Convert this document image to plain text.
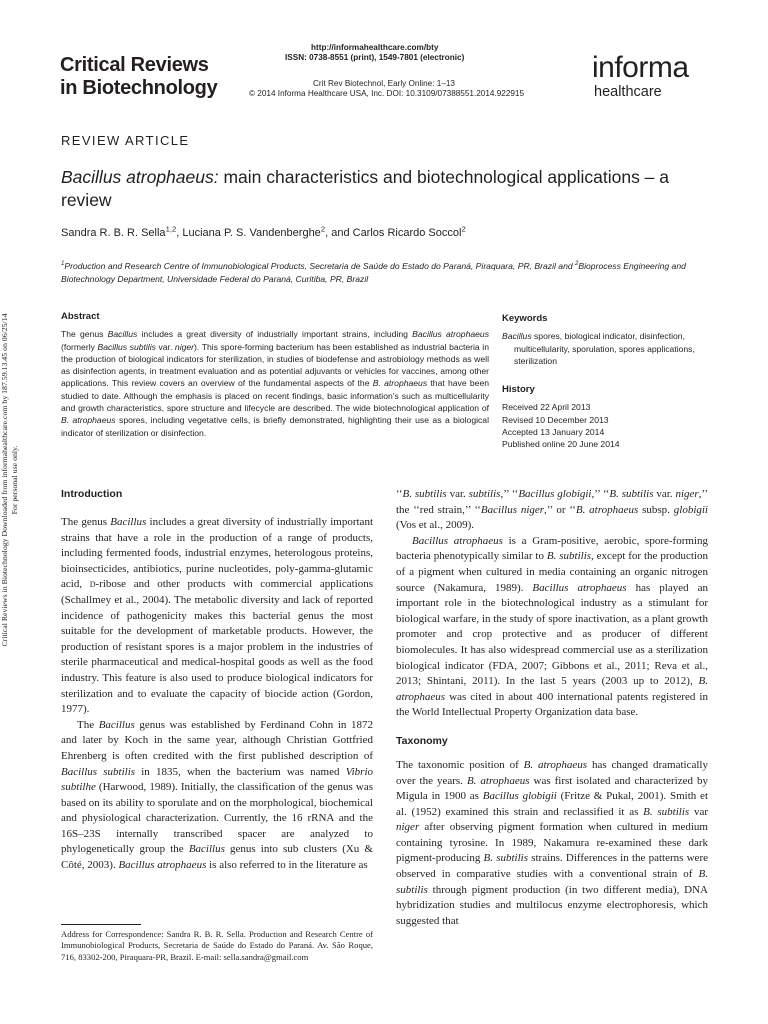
Critical Reviews
in Biotechnology
http://informahealthcare.com/bty
ISSN: 0738-8551 (print), 1549-7801 (electronic)
Crit Rev Biotechnol, Early Online: 1–13
© 2014 Informa Healthcare USA, Inc. DOI: 10.3109/07388551.2014.922915
informa
healthcare
REVIEW ARTICLE
Bacillus atrophaeus: main characteristics and biotechnological applications – a review
Sandra R. B. R. Sella$^{1,2}$, Luciana P. S. Vandenberghe$^2$, and Carlos Ricardo Soccol$^2$
$^1$Production and Research Centre of Immunobiological Products, Secretaria de Saúde do Estado do Paraná, Piraquara, PR, Brazil and $^2$Bioprocess Engineering and Biotechnology Department, Universidade Federal do Paraná, Curitiba, PR, Brazil
Abstract
The genus Bacillus includes a great diversity of industrially important strains, including Bacillus atrophaeus (formerly Bacillus subtilis var. niger). This spore-forming bacterium has been established as industrial bacteria in the production of biological indicators for sterilization, in studies of biodefense and astrobiology methods as well as disinfection agents, in treatment evaluation and as potential adjuvants or vehicles for vaccines, among other applications. This review covers an overview of the fundamental aspects of the B. atrophaeus that have been studied to date. Although the emphasis is placed on recent findings, basic information’s such as multicellularity and growth characteristics, spore structure and lifecycle are described. The wide biotechnological application of B. atrophaeus spores, including vegetative cells, is briefly demonstrated, highlighting their use as a biological indicator of sterilization or disinfection.
Keywords
Bacillus spores, biological indicator, disinfection, multicellularity, sporulation, spores applications, sterilization
History
Received 22 April 2013
Revised 10 December 2013
Accepted 13 January 2014
Published online 20 June 2014
Critical Reviews in Biotechnology Downloaded from informahealthcare.com by 187.59.13.45 on 06/25/14
For personal use only.	Introduction

The genus Bacillus includes a great diversity of industrially important strains that have a role in the production of a range of products, including fermented foods, industrial enzymes, heterologous proteins, bioinsecticides, antibiotics, purine nucleotides, poly-gamma-glutamic acid, d-ribose and other products with commercial applications (Schallmey et al., 2004). The metabolic diversity and lack of reported incidence of pathogenicity makes this bacterial genus the most suitable for the development of marketable products. However, the production of resistant spores is a major problem in the industries of sterile pharmaceutical and medical-hospital goods as well as the food industry. This feature is also used to produce biological indicators for sterilization and to evaluate the capacity of biocide action (Gordon, 1977).

The Bacillus genus was established by Ferdinand Cohn in 1872 and later by Koch in the same year, although Christian Gottfried Ehrenberg is often credited with the first published description of Bacillus subtilis in 1835, when the bacterium was named Vibrio subtilhe (Harwood, 1989). Initially, the classification of the genus was based on its ability to sporulate and on the morphological, biochemical and physiological characterization. Currently, the 16 rRNA and the 16S–23S internally transcribed spacer are analyzed to phylogenetically group the Bacillus genus into sub clusters (Xu & Côté, 2003). Bacillus atrophaeus is also referred to in the literature as

‘‘B. subtilis var. subtilis,’’ ‘‘Bacillus globigii,’’ ‘‘B. subtilis var. niger,’’ the ‘‘red strain,’’ ‘‘Bacillus niger,’’ or ‘‘B. atrophaeus subsp. globigii (Vos et al., 2009).

Bacillus atrophaeus is a Gram-positive, aerobic, spore-forming bacteria phenotypically similar to B. subtilis, except for the production of a pigment when cultured in media containing an organic nitrogen source (Nakamura, 1989). Bacillus atrophaeus has played an important role in the biotechnological industry as a stimulant for biological warfare, in the study of spore inactivation, as a plant growth promoter and crop protective and as producer of different biomolecules. It has also widespread commercial use as a sterilization biological indicator (FDA, 2007; Gibbons et al., 2011; Reva et al., 2013; Shintani, 2011). In the last 5 years (2003 up to 2012), B. atrophaeus was cited in about 400 international patents registered in the World Intellectual Property Organization data base.

Taxonomy

The taxonomic position of B. atrophaeus has changed dramatically over the years. B. atrophaeus was first isolated and characterized by Migula in 1900 as Bacillus globigii (Fritze & Pukal, 2001). Smith et al. (1952) examined this strain and reclassified it as B. subtilis var niger after observing pigment formation when cultured in medium containing tyrosine. In 1989, Nakamura re-examined these dark pigment-producing B. subtilis strains. Differences in the patterns were observed in comparative studies with a conventional strain of B. subtilis through pigment production (in two different media), DNA hybridization studies and multilocus enzyme electrophoresis, which suggested that

Address for Correspondence: Sandra R. B. R. Sella. Production and Research Centre of Immunobiological Products, Secretaria de Saúde do Estado do Paraná. Av. São Roque, 716, 83302-200, Piraquara-PR, Brazil. E-mail: sella.sandra@gmail.com
